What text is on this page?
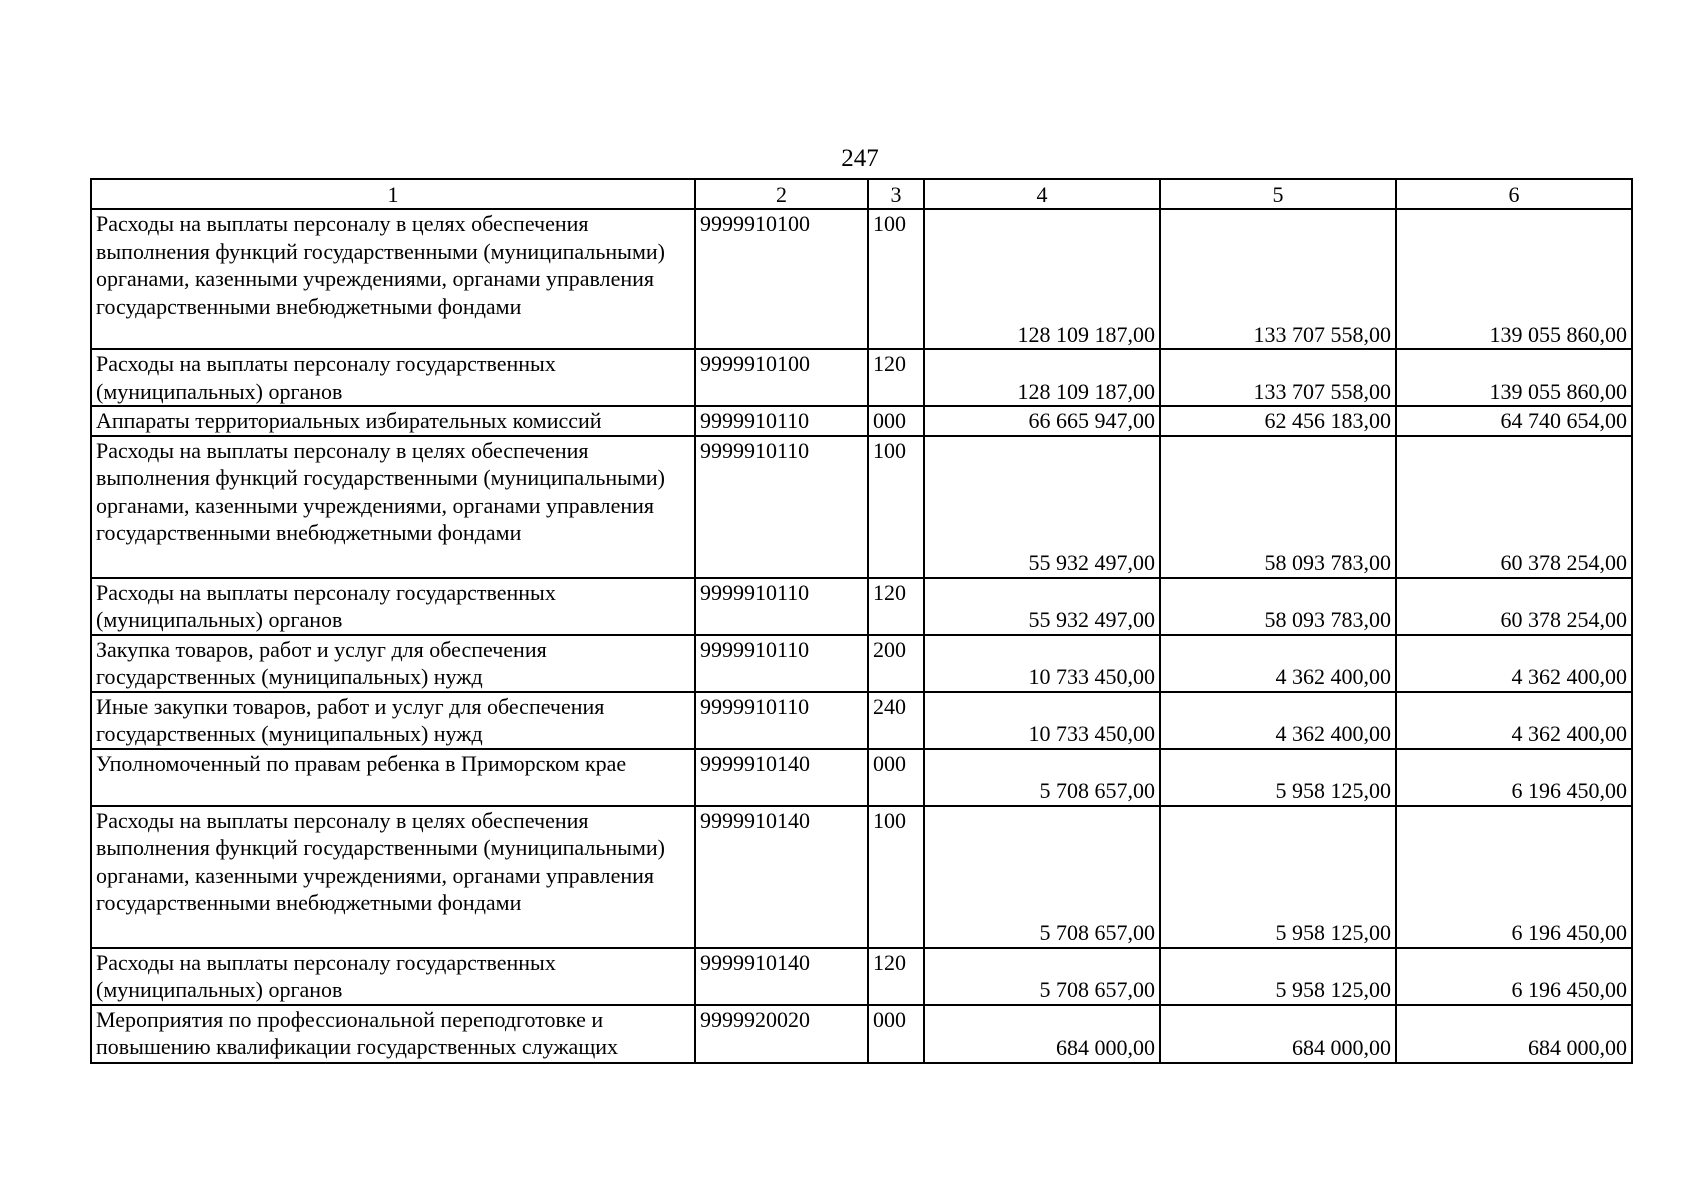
247
1	2	3	4	5	6
Расходы на выплаты персоналу в целях обеспечения выполнения функций государственными (муниципальными) органами, казенными учреждениями, органами управления государственными внебюджетными фондами	9999910100	100	128 109 187,00	133 707 558,00	139 055 860,00
Расходы на выплаты персоналу государственных (муниципальных) органов	9999910100	120	128 109 187,00	133 707 558,00	139 055 860,00
Аппараты территориальных избирательных комиссий	9999910110	000	66 665 947,00	62 456 183,00	64 740 654,00
Расходы на выплаты персоналу в целях обеспечения выполнения функций государственными (муниципальными) органами, казенными учреждениями, органами управления государственными внебюджетными фондами	9999910110	100	55 932 497,00	58 093 783,00	60 378 254,00
Расходы на выплаты персоналу государственных (муниципальных) органов	9999910110	120	55 932 497,00	58 093 783,00	60 378 254,00
Закупка товаров, работ и услуг для обеспечения государственных (муниципальных) нужд	9999910110	200	10 733 450,00	4 362 400,00	4 362 400,00
Иные закупки товаров, работ и услуг для обеспечения государственных (муниципальных) нужд	9999910110	240	10 733 450,00	4 362 400,00	4 362 400,00
Уполномоченный по правам ребенка в Приморском крае	9999910140	000	5 708 657,00	5 958 125,00	6 196 450,00
Расходы на выплаты персоналу в целях обеспечения выполнения функций государственными (муниципальными) органами, казенными учреждениями, органами управления государственными внебюджетными фондами	9999910140	100	5 708 657,00	5 958 125,00	6 196 450,00
Расходы на выплаты персоналу государственных (муниципальных) органов	9999910140	120	5 708 657,00	5 958 125,00	6 196 450,00
Мероприятия по профессиональной переподготовке и повышению квалификации государственных служащих	9999920020	000	684 000,00	684 000,00	684 000,00
